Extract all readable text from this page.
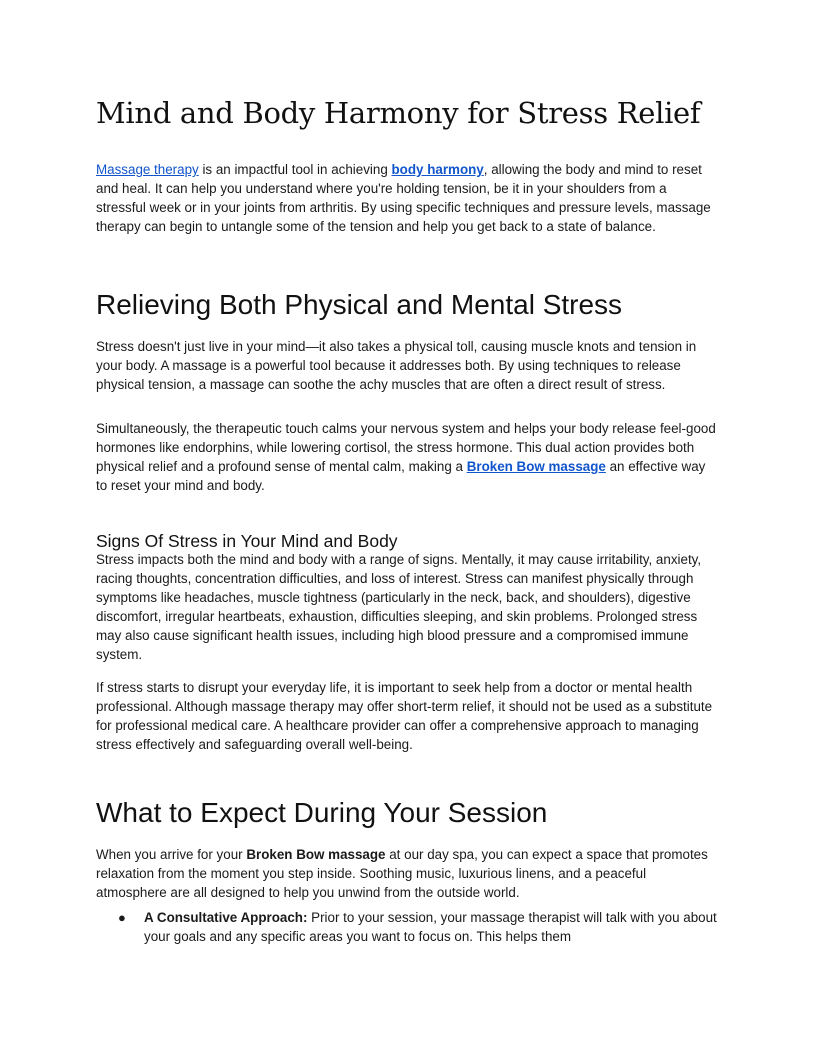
Mind and Body Harmony for Stress Relief

Massage therapy is an impactful tool in achieving body harmony, allowing the body and mind to reset and heal. It can help you understand where you're holding tension, be it in your shoulders from a stressful week or in your joints from arthritis. By using specific techniques and pressure levels, massage therapy can begin to untangle some of the tension and help you get back to a state of balance.

Relieving Both Physical and Mental Stress

Stress doesn't just live in your mind—it also takes a physical toll, causing muscle knots and tension in your body. A massage is a powerful tool because it addresses both. By using techniques to release physical tension, a massage can soothe the achy muscles that are often a direct result of stress.

Simultaneously, the therapeutic touch calms your nervous system and helps your body release feel-good hormones like endorphins, while lowering cortisol, the stress hormone. This dual action provides both physical relief and a profound sense of mental calm, making a Broken Bow massage an effective way to reset your mind and body.

Signs Of Stress in Your Mind and Body

Stress impacts both the mind and body with a range of signs. Mentally, it may cause irritability, anxiety, racing thoughts, concentration difficulties, and loss of interest. Stress can manifest physically through symptoms like headaches, muscle tightness (particularly in the neck, back, and shoulders), digestive discomfort, irregular heartbeats, exhaustion, difficulties sleeping, and skin problems. Prolonged stress may also cause significant health issues, including high blood pressure and a compromised immune system.

If stress starts to disrupt your everyday life, it is important to seek help from a doctor or mental health professional. Although massage therapy may offer short-term relief, it should not be used as a substitute for professional medical care. A healthcare provider can offer a comprehensive approach to managing stress effectively and safeguarding overall well-being.

What to Expect During Your Session

When you arrive for your Broken Bow massage at our day spa, you can expect a space that promotes relaxation from the moment you step inside. Soothing music, luxurious linens, and a peaceful atmosphere are all designed to help you unwind from the outside world.

● A Consultative Approach: Prior to your session, your massage therapist will talk with you about your goals and any specific areas you want to focus on. This helps them
